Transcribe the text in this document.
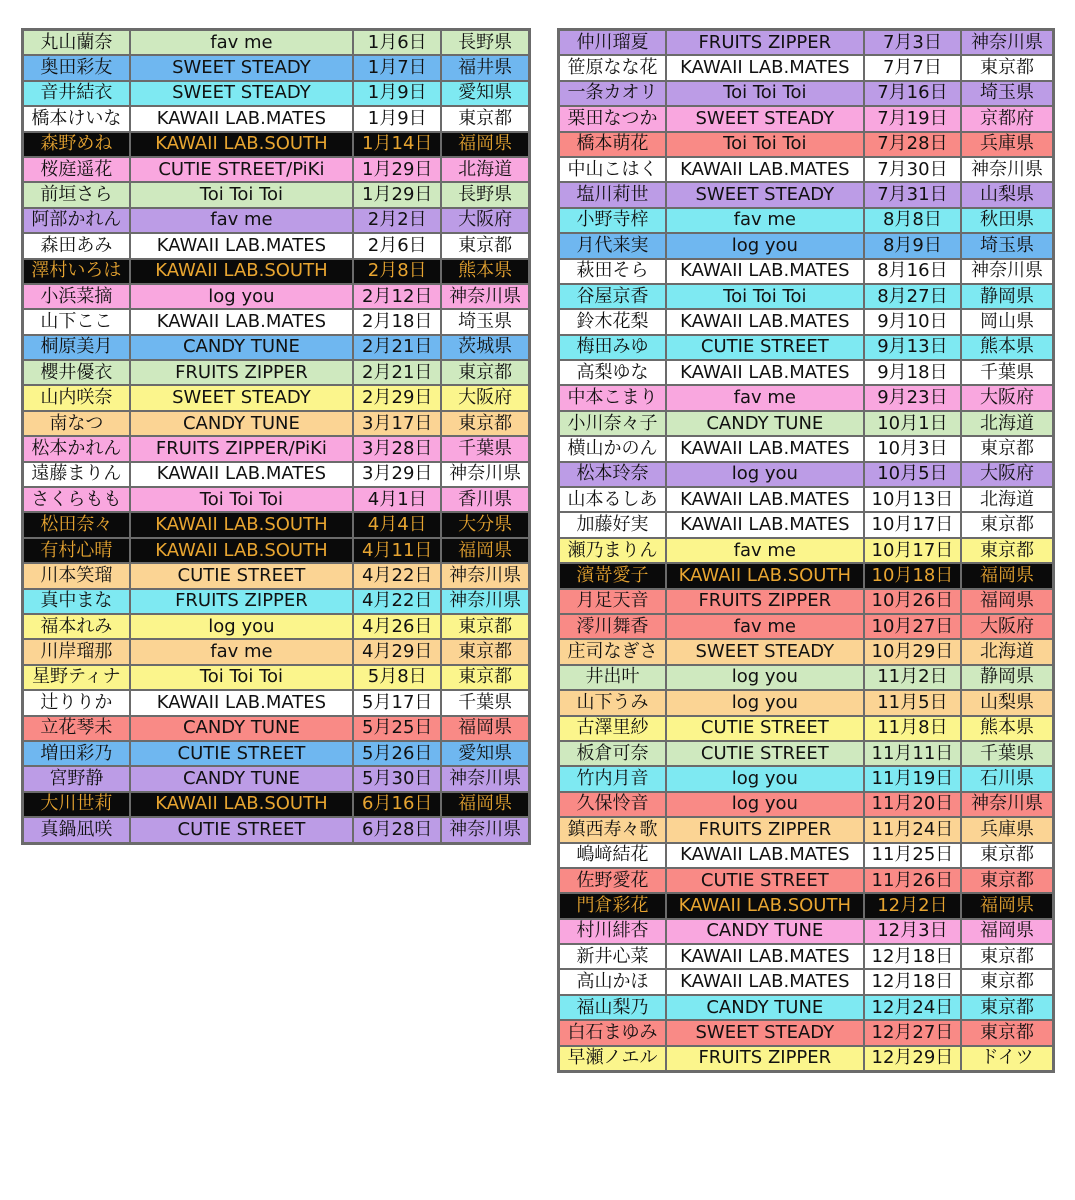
丸山蘭奈	fav me	1月6日	長野県
奥田彩友	SWEET STEADY	1月7日	福井県
音井結衣	SWEET STEADY	1月9日	愛知県
橋本けいな	KAWAII LAB.MATES	1月9日	東京都
森野めね	KAWAII LAB.SOUTH	1月14日	福岡県
桜庭遥花	CUTIE STREET/PiKi	1月29日	北海道
前垣さら	Toi Toi Toi	1月29日	長野県
阿部かれん	fav me	2月2日	大阪府
森田あみ	KAWAII LAB.MATES	2月6日	東京都
澤村いろは	KAWAII LAB.SOUTH	2月8日	熊本県
小浜菜摘	log you	2月12日	神奈川県
山下ここ	KAWAII LAB.MATES	2月18日	埼玉県
桐原美月	CANDY TUNE	2月21日	茨城県
櫻井優衣	FRUITS ZIPPER	2月21日	東京都
山内咲奈	SWEET STEADY	2月29日	大阪府
南なつ	CANDY TUNE	3月17日	東京都
松本かれん	FRUITS ZIPPER/PiKi	3月28日	千葉県
遠藤まりん	KAWAII LAB.MATES	3月29日	神奈川県
さくらもも	Toi Toi Toi	4月1日	香川県
松田奈々	KAWAII LAB.SOUTH	4月4日	大分県
有村心晴	KAWAII LAB.SOUTH	4月11日	福岡県
川本笑瑠	CUTIE STREET	4月22日	神奈川県
真中まな	FRUITS ZIPPER	4月22日	神奈川県
福本れみ	log you	4月26日	東京都
川岸瑠那	fav me	4月29日	東京都
星野ティナ	Toi Toi Toi	5月8日	東京都
辻りりか	KAWAII LAB.MATES	5月17日	千葉県
立花琴未	CANDY TUNE	5月25日	福岡県
増田彩乃	CUTIE STREET	5月26日	愛知県
宮野静	CANDY TUNE	5月30日	神奈川県
大川世莉	KAWAII LAB.SOUTH	6月16日	福岡県
真鍋凪咲	CUTIE STREET	6月28日	神奈川県
仲川瑠夏	FRUITS ZIPPER	7月3日	神奈川県
笹原なな花	KAWAII LAB.MATES	7月7日	東京都
一条カオリ	Toi Toi Toi	7月16日	埼玉県
栗田なつか	SWEET STEADY	7月19日	京都府
橋本萌花	Toi Toi Toi	7月28日	兵庫県
中山こはく	KAWAII LAB.MATES	7月30日	神奈川県
塩川莉世	SWEET STEADY	7月31日	山梨県
小野寺梓	fav me	8月8日	秋田県
月代来実	log you	8月9日	埼玉県
萩田そら	KAWAII LAB.MATES	8月16日	神奈川県
谷屋京香	Toi Toi Toi	8月27日	静岡県
鈴木花梨	KAWAII LAB.MATES	9月10日	岡山県
梅田みゆ	CUTIE STREET	9月13日	熊本県
高梨ゆな	KAWAII LAB.MATES	9月18日	千葉県
中本こまり	fav me	9月23日	大阪府
小川奈々子	CANDY TUNE	10月1日	北海道
横山かのん	KAWAII LAB.MATES	10月3日	東京都
松本玲奈	log you	10月5日	大阪府
山本るしあ	KAWAII LAB.MATES	10月13日	北海道
加藤好実	KAWAII LAB.MATES	10月17日	東京都
瀬乃まりん	fav me	10月17日	東京都
濱嵜愛子	KAWAII LAB.SOUTH	10月18日	福岡県
月足天音	FRUITS ZIPPER	10月26日	福岡県
澪川舞香	fav me	10月27日	大阪府
庄司なぎさ	SWEET STEADY	10月29日	北海道
井出叶	log you	11月2日	静岡県
山下うみ	log you	11月5日	山梨県
古澤里紗	CUTIE STREET	11月8日	熊本県
板倉可奈	CUTIE STREET	11月11日	千葉県
竹内月音	log you	11月19日	石川県
久保怜音	log you	11月20日	神奈川県
鎮西寿々歌	FRUITS ZIPPER	11月24日	兵庫県
嶋﨑結花	KAWAII LAB.MATES	11月25日	東京都
佐野愛花	CUTIE STREET	11月26日	東京都
門倉彩花	KAWAII LAB.SOUTH	12月2日	福岡県
村川緋杏	CANDY TUNE	12月3日	福岡県
新井心菜	KAWAII LAB.MATES	12月18日	東京都
高山かほ	KAWAII LAB.MATES	12月18日	東京都
福山梨乃	CANDY TUNE	12月24日	東京都
白石まゆみ	SWEET STEADY	12月27日	東京都
早瀬ノエル	FRUITS ZIPPER	12月29日	ドイツ
